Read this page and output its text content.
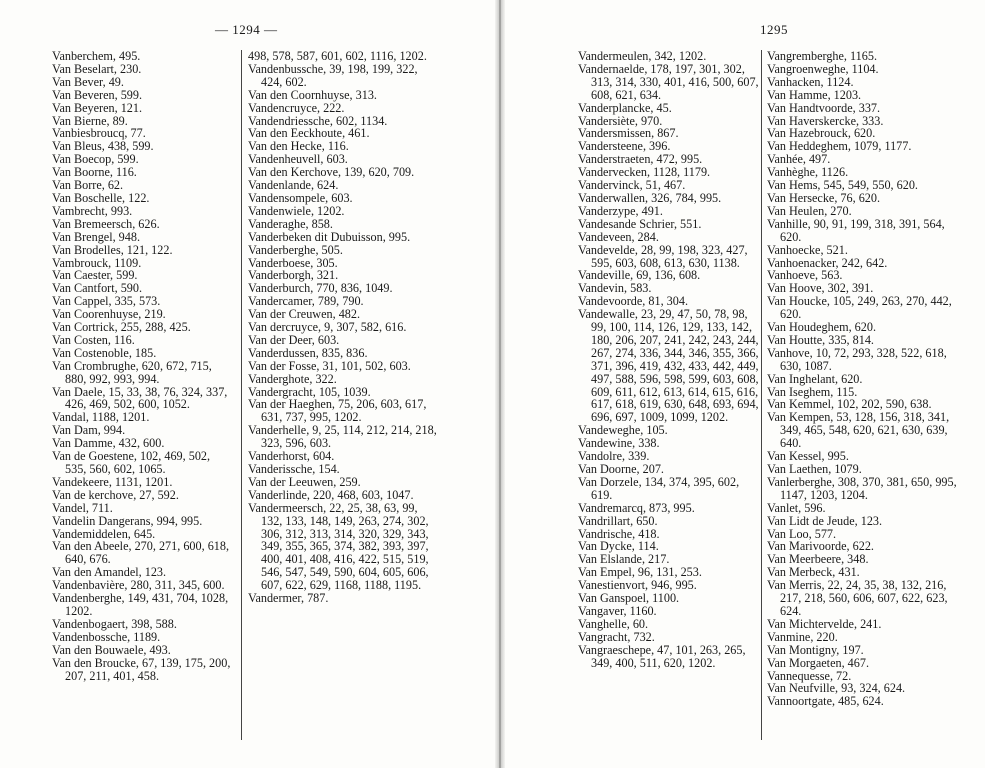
— 1294 —
Vanberchem, 495.
Van Beselart, 230.
Van Bever, 49.
Van Beveren, 599.
Van Beyeren, 121.
Van Bierne, 89.
Vanbiesbroucq, 77.
Van Bleus, 438, 599.
Van Boecop, 599.
Van Boorne, 116.
Van Borre, 62.
Van Boschelle, 122.
Vambrecht, 993.
Van Bremeersch, 626.
Van Brengel, 948.
Van Brodelles, 121, 122.
Vambrouck, 1109.
Van Caester, 599.
Van Cantfort, 590.
Van Cappel, 335, 573.
Van Coorenhuyse, 219.
Van Cortrick, 255, 288, 425.
Van Costen, 116.
Van Costenoble, 185.
Van Crombrughe, 620, 672, 715, 880, 992, 993, 994.
Van Daele, 15, 33, 38, 76, 324, 337, 426, 469, 502, 600, 1052.
Vandal, 1188, 1201.
Van Dam, 994.
Van Damme, 432, 600.
Van de Goestene, 102, 469, 502, 535, 560, 602, 1065.
Vandekeere, 1131, 1201.
Van de kerchove, 27, 592.
Vandel, 711.
Vandelin Dangerans, 994, 995.
Vandemiddelen, 645.
Van den Abeele, 270, 271, 600, 618, 640, 676.
Van den Amandel, 123.
Vandenbavière, 280, 311, 345, 600.
Vandenberghe, 149, 431, 704, 1028, 1202.
Vandenbogaert, 398, 588.
Vandenbossche, 1189.
Van den Bouwaele, 493.
Van den Broucke, 67, 139, 175, 200, 207, 211, 401, 458.
498, 578, 587, 601, 602, 1116, 1202.
Vandenbussche, 39, 198, 199, 322, 424, 602.
Van den Coornhuyse, 313.
Vandencruyce, 222.
Vandendriessche, 602, 1134.
Van den Eeckhoute, 461.
Van den Hecke, 116.
Vandenheuvell, 603.
Van den Kerchove, 139, 620, 709.
Vandenlande, 624.
Vandensompele, 603.
Vandenwiele, 1202.
Vanderaghe, 858.
Vanderbeken dit Dubuisson, 995.
Vanderberghe, 505.
Vanderboese, 305.
Vanderborgh, 321.
Vanderburch, 770, 836, 1049.
Vandercamer, 789, 790.
Van der Creuwen, 482.
Van dercruyce, 9, 307, 582, 616.
Van der Deer, 603.
Vanderdussen, 835, 836.
Van der Fosse, 31, 101, 502, 603.
Vanderghote, 322.
Vandergracht, 105, 1039.
Van der Haeghen, 75, 206, 603, 617, 631, 737, 995, 1202.
Vanderhelle, 9, 25, 114, 212, 214, 218, 323, 596, 603.
Vanderhorst, 604.
Vanderissche, 154.
Van der Leeuwen, 259.
Vanderlinde, 220, 468, 603, 1047.
Vandermeersch, 22, 25, 38, 63, 99, 132, 133, 148, 149, 263, 274, 302, 306, 312, 313, 314, 320, 329, 343, 349, 355, 365, 374, 382, 393, 397, 400, 401, 408, 416, 422, 515, 519, 546, 547, 549, 590, 604, 605, 606, 607, 622, 629, 1168, 1188, 1195.
Vandermer, 787.
1295
Vandermeulen, 342, 1202.
Vandernaelde, 178, 197, 301, 302, 313, 314, 330, 401, 416, 500, 607, 608, 621, 634.
Vanderplancke, 45.
Vandersiète, 970.
Vandersmissen, 867.
Vandersteene, 396.
Vanderstraeten, 472, 995.
Vandervecken, 1128, 1179.
Vandervinck, 51, 467.
Vanderwallen, 326, 784, 995.
Vanderzype, 491.
Vandesande Schrier, 551.
Vandeveen, 284.
Vandevelde, 28, 99, 198, 323, 427, 595, 603, 608, 613, 630, 1138.
Vandeville, 69, 136, 608.
Vandevin, 583.
Vandevoorde, 81, 304.
Vandewalle, 23, 29, 47, 50, 78, 98, 99, 100, 114, 126, 129, 133, 142, 180, 206, 207, 241, 242, 243, 244, 267, 274, 336, 344, 346, 355, 366, 371, 396, 419, 432, 433, 442, 449, 497, 588, 596, 598, 599, 603, 608, 609, 611, 612, 613, 614, 615, 616, 617, 618, 619, 630, 648, 693, 694, 696, 697, 1009, 1099, 1202.
Vandeweghe, 105.
Vandewine, 338.
Vandolre, 339.
Van Doorne, 207.
Van Dorzele, 134, 374, 395, 602, 619.
Vandremarcq, 873, 995.
Vandrillart, 650.
Vandrische, 418.
Van Dycke, 114.
Van Elslande, 217.
Van Empel, 96, 131, 253.
Vanestienvort, 946, 995.
Van Ganspoel, 1100.
Vangaver, 1160.
Vanghelle, 60.
Vangracht, 732.
Vangraeschepe, 47, 101, 263, 265, 349, 400, 511, 620, 1202.
Vangremberghe, 1165.
Vangroenweghe, 1104.
Vanhacken, 1124.
Van Hamme, 1203.
Van Handtvoorde, 337.
Van Haverskercke, 333.
Van Hazebrouck, 620.
Van Heddeghem, 1079, 1177.
Vanhée, 497.
Vanhèghe, 1126.
Van Hems, 545, 549, 550, 620.
Van Hersecke, 76, 620.
Van Heulen, 270.
Vanhille, 90, 91, 199, 318, 391, 564, 620.
Vanhoecke, 521.
Vanhoenacker, 242, 642.
Vanhoeve, 563.
Van Hoove, 302, 391.
Van Houcke, 105, 249, 263, 270, 442, 620.
Van Houdeghem, 620.
Van Houtte, 335, 814.
Vanhove, 10, 72, 293, 328, 522, 618, 630, 1087.
Van Inghelant, 620.
Van Iseghem, 115.
Van Kemmel, 102, 202, 590, 638.
Van Kempen, 53, 128, 156, 318, 341, 349, 465, 548, 620, 621, 630, 639, 640.
Van Kessel, 995.
Van Laethen, 1079.
Vanlerberghe, 308, 370, 381, 650, 995, 1147, 1203, 1204.
Vanlet, 596.
Van Lidt de Jeude, 123.
Van Loo, 577.
Van Marivoorde, 622.
Van Meerbeere, 348.
Van Merbeck, 431.
Van Merris, 22, 24, 35, 38, 132, 216, 217, 218, 560, 606, 607, 622, 623, 624.
Van Michtervelde, 241.
Vanmine, 220.
Van Montigny, 197.
Van Morgaeten, 467.
Vannequesse, 72.
Van Neufville, 93, 324, 624.
Vannoortgate, 485, 624.
